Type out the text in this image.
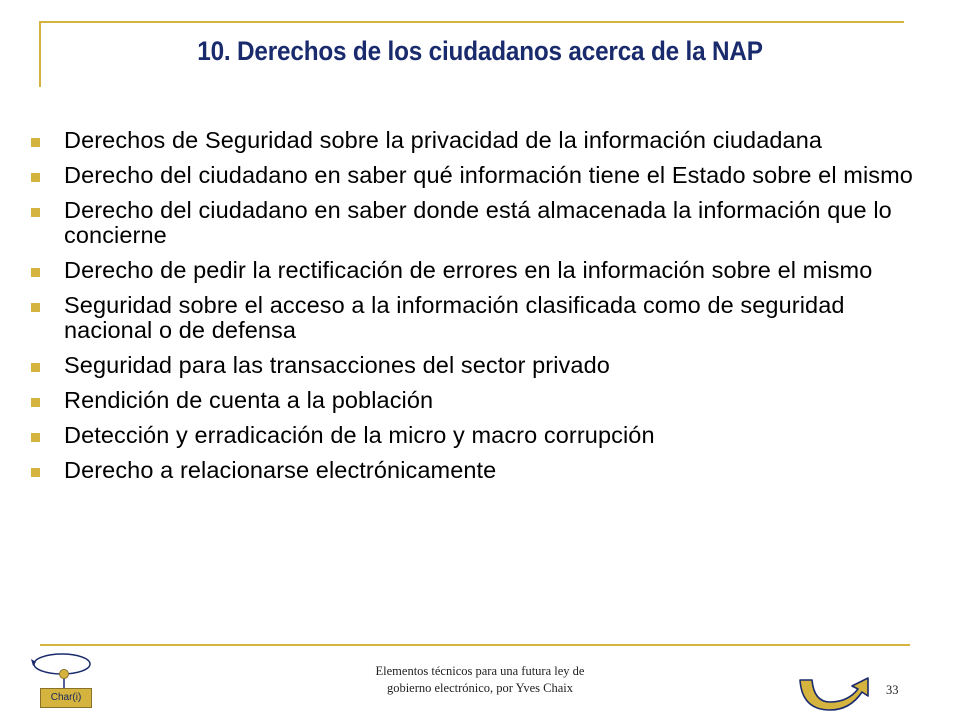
10. Derechos de los ciudadanos acerca de la NAP
Derechos de Seguridad sobre la privacidad de la información ciudadana
Derecho del ciudadano en saber qué información tiene el Estado sobre el mismo
Derecho del ciudadano en saber donde está almacenada la información que lo concierne
Derecho de pedir la rectificación de errores en la información sobre el mismo
Seguridad sobre el acceso a la información clasificada como de seguridad nacional o de defensa
Seguridad para las transacciones del sector privado
Rendición de cuenta a la población
Detección y erradicación de la micro y macro corrupción
Derecho a relacionarse electrónicamente
Char(i)
Elementos técnicos para una futura ley de
gobierno electrónico, por Yves Chaix	33
